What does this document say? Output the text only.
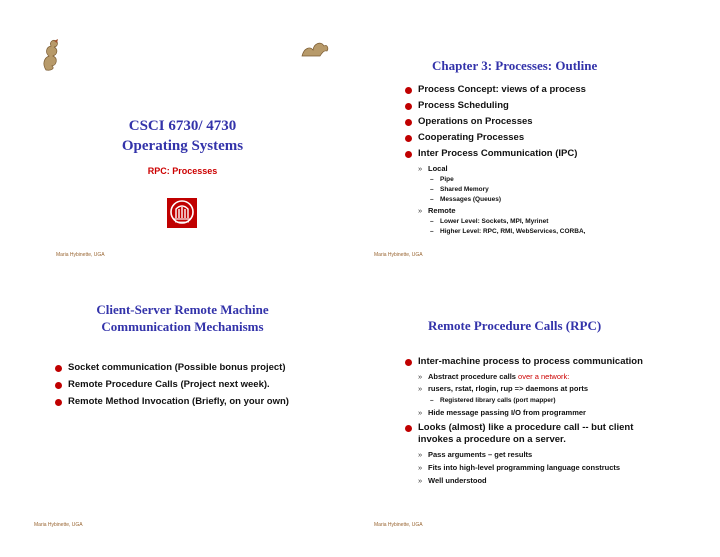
CSCI 6730/ 4730
Operating Systems
RPC: Processes
Maria Hybinette, UGA
Chapter 3: Processes: Outline
Process Concept: views of a process
Process Scheduling
Operations on Processes
Cooperating Processes
Inter Process Communication (IPC)
» Local
– Pipe
– Shared Memory
– Messages (Queues)
» Remote
– Lower Level: Sockets, MPI, Myrinet
– Higher Level: RPC, RMI, WebServices, CORBA,
Maria Hybinette, UGA
Client-Server Remote Machine
Communication Mechanisms
Socket communication (Possible bonus project)
Remote Procedure Calls (Project next week).
Remote Method Invocation (Briefly, on your own)
Maria Hybinette, UGA
Remote Procedure Calls (RPC)
Inter-machine process to process communication
» Abstract procedure calls over a network:
» rusers, rstat, rlogin, rup => daemons at ports
– Registered library calls (port mapper)
» Hide message passing I/O from programmer
Looks (almost) like a procedure call -- but client invokes a procedure on a server.
» Pass arguments – get results
» Fits into high-level programming language constructs
» Well understood
Maria Hybinette, UGA
